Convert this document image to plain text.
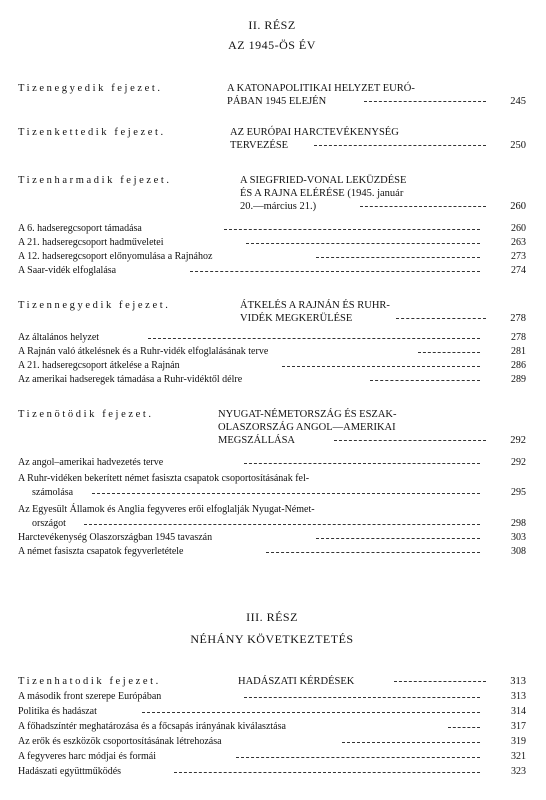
II. RÉSZ
AZ 1945-ÖS ÉV
Tizenegyedik fejezet.	A KATONAPOLITIKAI HELYZET EURÓ-
PÁBAN 1945 ELEJÉN	245
Tizenkettedik fejezet.	AZ EURÓPAI HARCTEVÉKENYSÉG
TERVEZÉSE	250
Tizenharmadik fejezet.	A SIEGFRIED-VONAL LEKÜZDÉSE
ÉS A RAJNA ELÉRÉSE (1945. január
20.—március 21.)	260
A 6. hadseregcsoport támadása	260
A 21. hadseregcsoport hadműveletei	263
A 12. hadseregcsoport előnyomulása a Rajnához	273
A Saar-vidék elfoglalása	274
Tizennegyedik fejezet.	ÁTKELÉS A RAJNÁN ÉS RUHR-
VIDÉK MEGKERÜLÉSE	278
Az általános helyzet	278
A Rajnán való átkelésnek és a Ruhr-vidék elfoglalásának terve	281
A 21. hadseregcsoport átkelése a Rajnán	286
Az amerikai hadseregek támadása a Ruhr-vidéktől délre	289
Tizenötödik fejezet.	NYUGAT-NÉMETORSZÁG ÉS ESZAK-
OLASZORSZÁG ANGOL—AMERIKAI
MEGSZÁLLÁSA	292
Az angol–amerikai hadvezetés terve	292
A Ruhr-vidéken bekerített német fasiszta csapatok csoportosításának fel-
számolása	295
Az Egyesült Államok és Anglia fegyveres erői elfoglalják Nyugat-Német-
országot	298
Harctevékenység Olaszországban 1945 tavaszán	303
A német fasiszta csapatok fegyverletétele	308
III. RÉSZ
NÉHÁNY KÖVETKEZTETÉS
Tizenhatodik fejezet.	HADÁSZATI KÉRDÉSEK	313
A második front szerepe Európában	313
Politika és hadászat	314
A főhadszíntér meghatározása és a főcsapás irányának kiválasztása	317
Az erők és eszközök csoportosításának létrehozása	319
A fegyveres harc módjai és formái	321
Hadászati együttműködés	323
